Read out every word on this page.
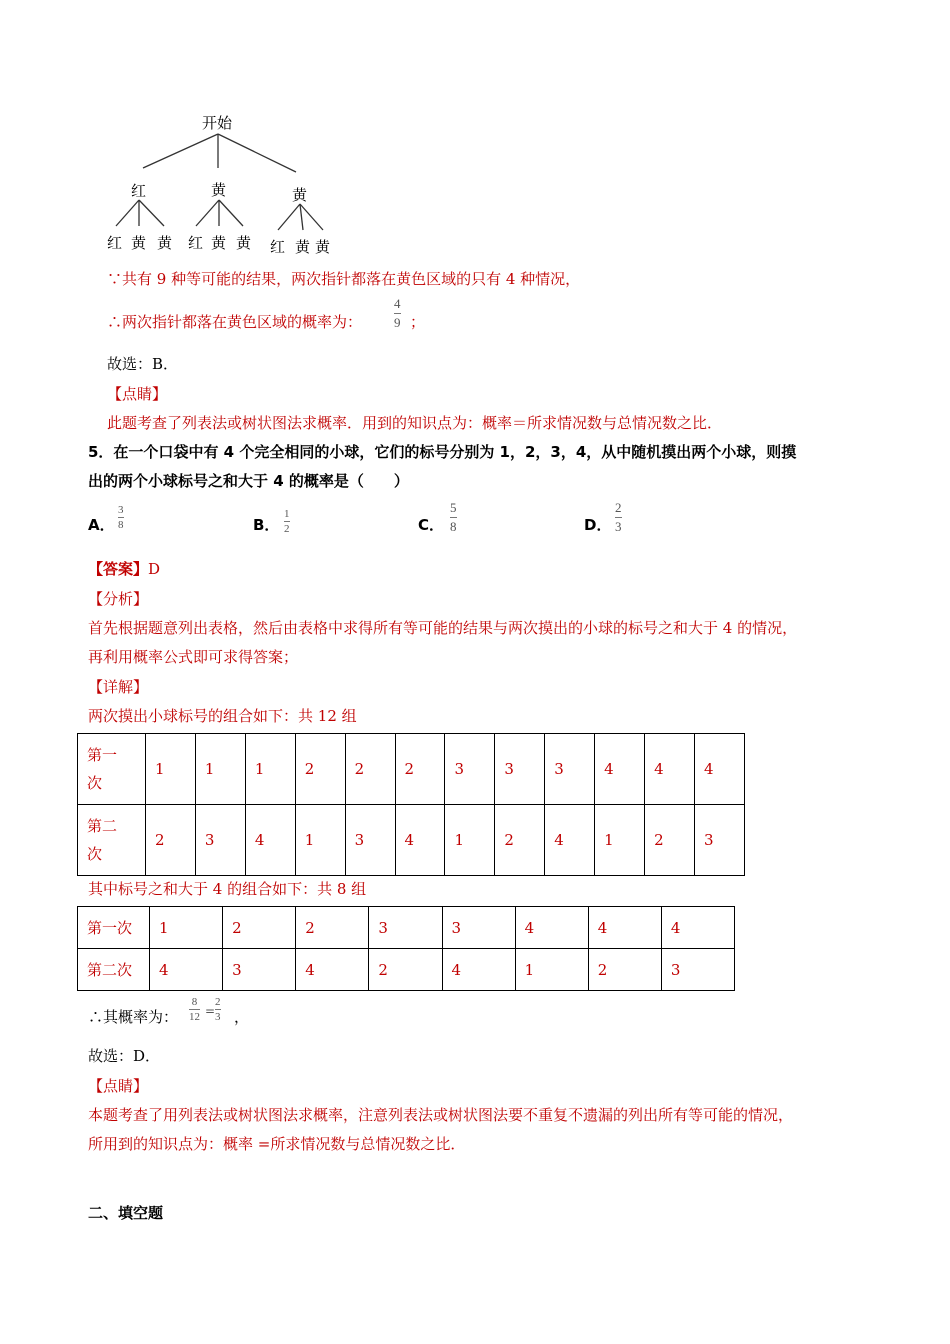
开始
红	黄	黄
红 黄 黄 红 黄 黄 红 黄 黄
∵共有 9 种等可能的结果，两次指针都落在黄色区域的只有 4 种情况，
∴两次指针都落在黄色区域的概率为：
4
9 ；
故选：B．
【点睛】
此题考查了列表法或树状图法求概率．用到的知识点为：概率＝所求情况数与总情况数之比．
5．在一个口袋中有 4 个完全相同的小球，它们的标号分别为 1，2，3，4，从中随机摸出两个小球，则摸
出的两个小球标号之和大于 4 的概率是（　　）
A．
3
8	B．
1
2	C．
5
8	D．
2
3
【答案】D
【分析】
首先根据题意列出表格，然后由表格中求得所有等可能的结果与两次摸出的小球的标号之和大于 4 的情况，
再利用概率公式即可求得答案；
【详解】
两次摸出小球标号的组合如下：共 12 组
第一
次	1	1	1	2	2	2	3	3	3	4	4	4
第二
次	2	3	4	1	3	4	1	2	4	1	2	3
其中标号之和大于 4 的组合如下：共 8 组
第一次	1	2	2	3	3	4	4	4
第二次	4	3	4	2	4	1	2	3
∴其概率为：
8
12 =
2
3 ，
故选：D．
【点睛】
本题考查了用列表法或树状图法求概率，注意列表法或树状图法要不重复不遗漏的列出所有等可能的情况，
所用到的知识点为：概率 =所求情况数与总情况数之比．
二、填空题
